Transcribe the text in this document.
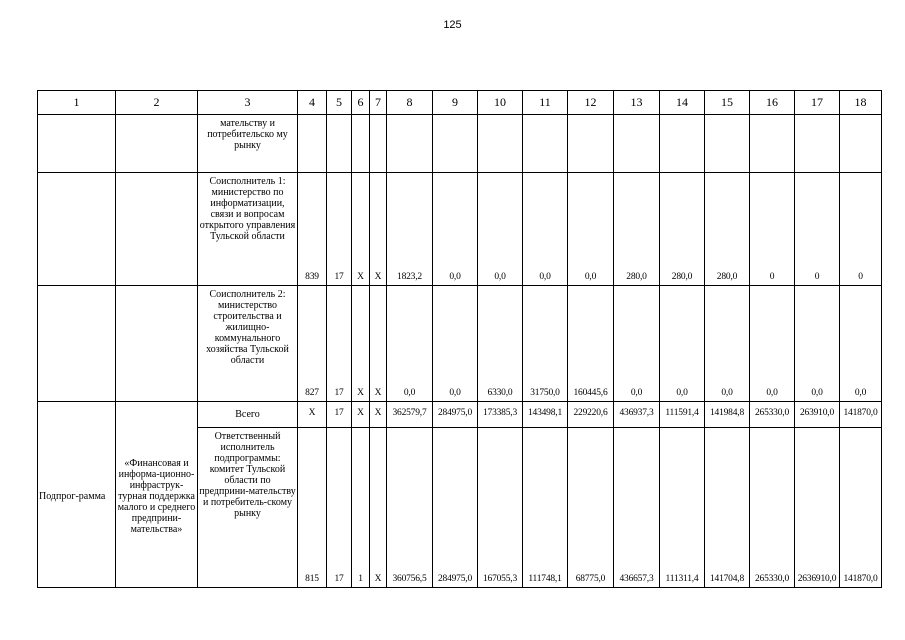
125
1	2	3	4	5	6	7	8	9	10	11	12	13	14	15	16	17	18
		мательству и потребительско му рынку															
		Соисполнитель 1: министерство по информатизации, связи и вопросам открытого управления Тульской области	839	17	Х	Х	1823,2	0,0	0,0	0,0	0,0	280,0	280,0	280,0	0	0	0
		Соисполнитель 2: министерство строительства и жилищно-коммунального хозяйства Тульской области	827	17	Х	Х	0,0	0,0	6330,0	31750,0	160445,6	0,0	0,0	0,0	0,0	0,0	0,0
Подпрог-рамма	«Финансовая и информа-ционно-инфраструк-турная поддержка малого и среднего предприни-мательства»	Всего	Х	17	Х	Х	362579,7	284975,0	173385,3	143498,1	229220,6	436937,3	111591,4	141984,8	265330,0	263910,0	141870,0
		Ответственный исполнитель подпрограммы: комитет Тульской области по предприни-мательству и потребитель-скому рынку	815	17	1	Х	360756,5	284975,0	167055,3	111748,1	68775,0	436657,3	111311,4	141704,8	265330,0	2636910,0	141870,0
